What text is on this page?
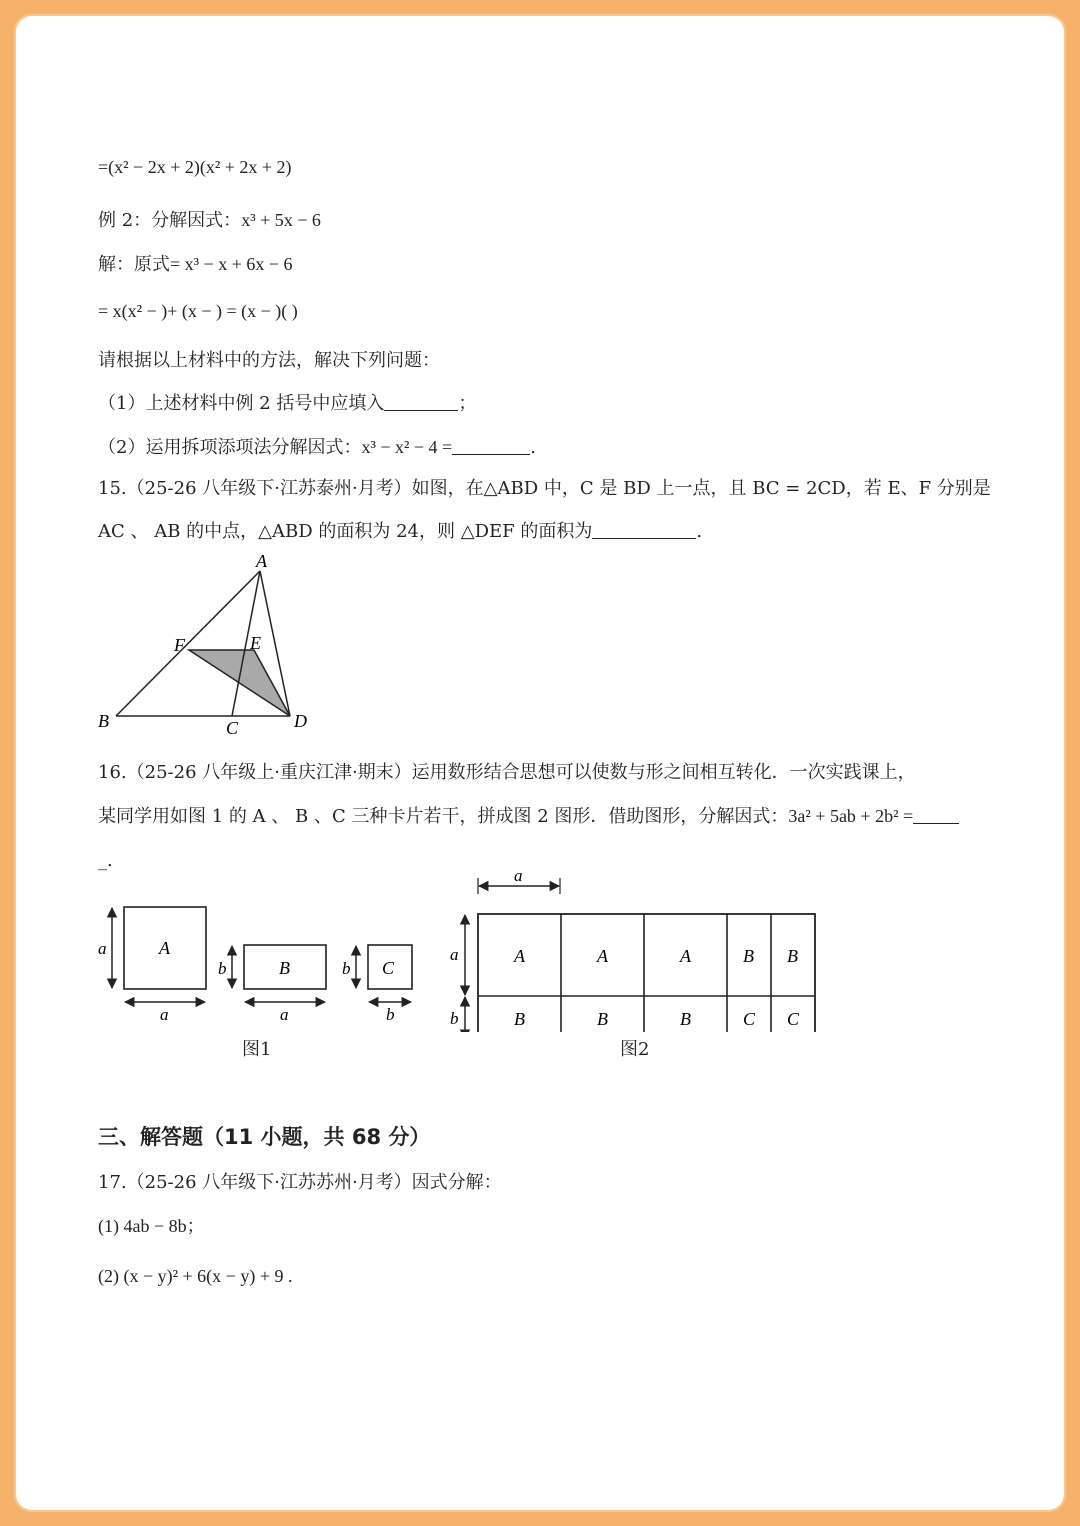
=(x² − 2x + 2)(x² + 2x + 2)
例 2：分解因式：x³ + 5x − 6
解：原式= x³ − x + 6x − 6
= x(x² − )+ (x − ) = (x − )( )
请根据以上材料中的方法，解决下列问题：
（1）上述材料中例 2 括号中应填入	；
（2）运用拆项添项法分解因式：x³ − x² − 4 =	.
15.（25-26 八年级下·江苏泰州·月考）如图，在△ABD 中，C 是 BD 上一点，且 BC = 2CD，若 E、F 分别是
AC 、 AB 的中点，△ABD 的面积为 24，则 △DEF 的面积为	.
A
B	C	D
E
F
16.（25-26 八年级上·重庆江津·期末）运用数形结合思想可以使数与形之间相互转化．一次实践课上，
某同学用如图 1 的 A 、 B 、C 三种卡片若干，拼成图 2 图形．借助图形，分解因式：3a² + 5ab + 2b² =
_.
A
a
a
B
b
a
C
b
b
图1
a
a
b
A	A	A	B B
B	B	B	C C
图2
三、解答题（11 小题，共 68 分）
17.（25-26 八年级下·江苏苏州·月考）因式分解：
(1) 4ab − 8b；
(2) (x − y)² + 6(x − y) + 9 .
